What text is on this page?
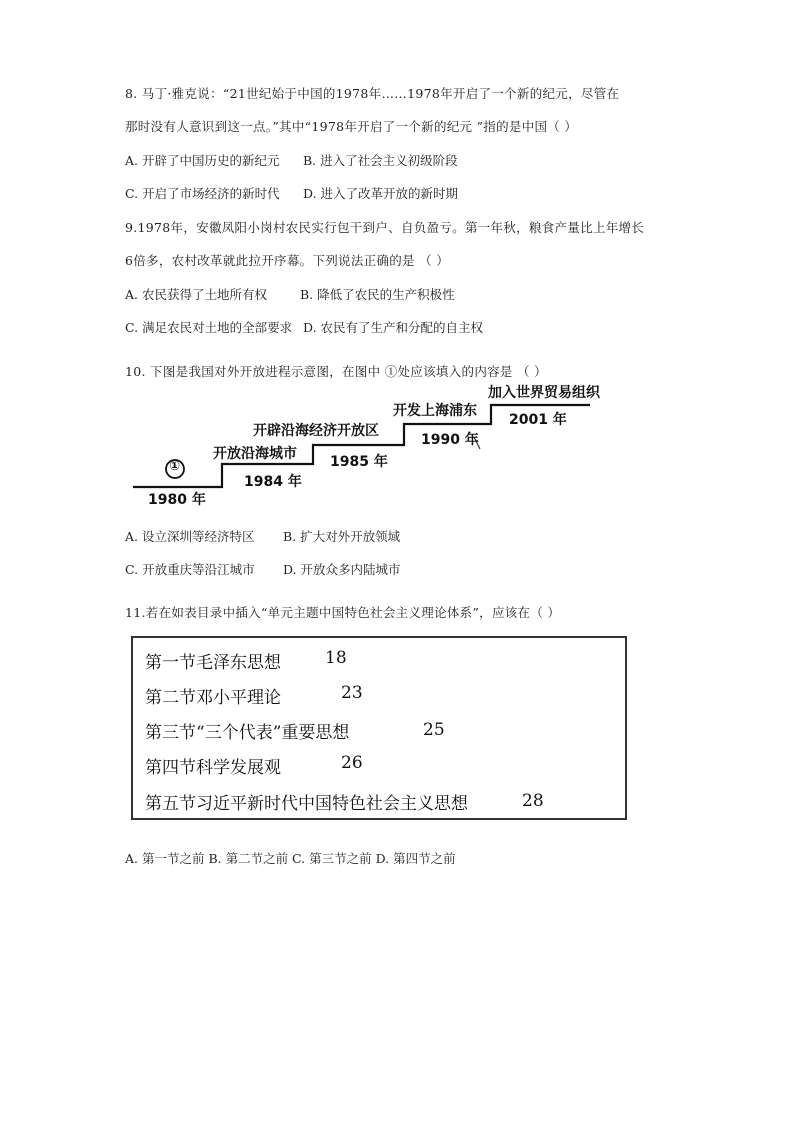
8. 马丁·雅克说：“21世纪始于中国的1978年……1978年开启了一个新的纪元，尽管在
那时没有人意识到这一点。”其中“1978年开启了一个新的纪元 ”指的是中国（ ）
A. 开辟了中国历史的新纪元 B. 进入了社会主义初级阶段
C. 开启了市场经济的新时代 D. 进入了改革开放的新时期
9.1978年，安徽凤阳小岗村农民实行包干到户、自负盈亏。第一年秋，粮食产量比上年增长
6倍多，农村改革就此拉开序幕。下列说法正确的是 （ ）
A. 农民获得了土地所有权	B. 降低了农民的生产积极性
C. 满足农民对土地的全部要求 D. 农民有了生产和分配的自主权
10. 下图是我国对外开放进程示意图，在图中 ①处应该填入的内容是 （ ）
①
1980 年
开放沿海城市
1984 年
开辟沿海经济开放区
1985 年
开发上海浦东
1990 年
加入世界贸易组织
2001 年
A. 设立深圳等经济特区 B. 扩大对外开放领域
C. 开放重庆等沿江城市 D. 开放众多内陆城市
11.若在如表目录中插入“单元主题中国特色社会主义理论体系”，应该在（ ）
第一节毛泽东思想	18
第二节邓小平理论	23
第三节“三个代表”重要思想	25
第四节科学发展观	26
第五节习近平新时代中国特色社会主义思想	28
A. 第一节之前 B. 第二节之前 C. 第三节之前 D. 第四节之前
